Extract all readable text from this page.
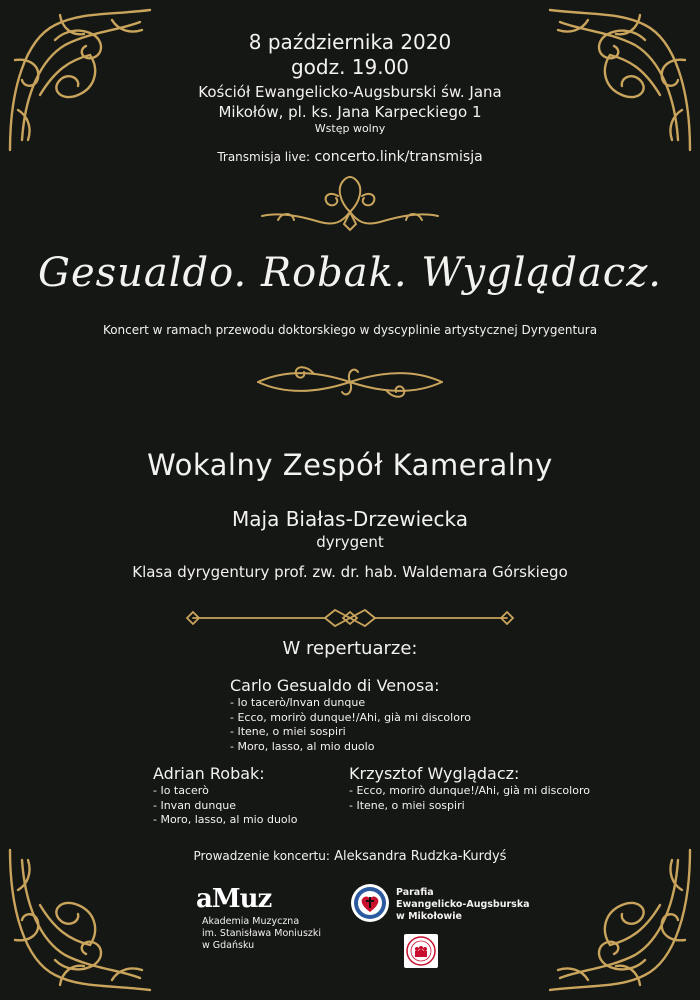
8 października 2020
godz. 19.00
Kościół Ewangelicko-Augsburski św. Jana
Mikołów, pl. ks. Jana Karpeckiego 1
Wstęp wolny
Transmisja live: concerto.link/transmisja
Gesualdo. Robak. Wyglądacz.
Koncert w ramach przewodu doktorskiego w dyscyplinie artystycznej Dyrygentura
Wokalny Zespół Kameralny
Maja Białas-Drzewiecka
dyrygent
Klasa dyrygentury prof. zw. dr. hab. Waldemara Górskiego
W repertuarze:
Carlo Gesualdo di Venosa:
- Io tacerò/Invan dunque
- Ecco, morirò dunque!/Ahi, già mi discoloro
- Itene, o miei sospiri
- Moro, lasso, al mio duolo
Adrian Robak:
- Io tacerò
- Invan dunque
- Moro, lasso, al mio duolo
Krzysztof Wyglądacz:
- Ecco, morirò dunque!/Ahi, già mi discoloro
- Itene, o miei sospiri
Prowadzenie koncertu: Aleksandra Rudzka-Kurdyś
aMuz
Akademia Muzyczna
im. Stanisława Moniuszki
w Gdańsku
Parafia
Ewangelicko-Augsburska
w Mikołowie
